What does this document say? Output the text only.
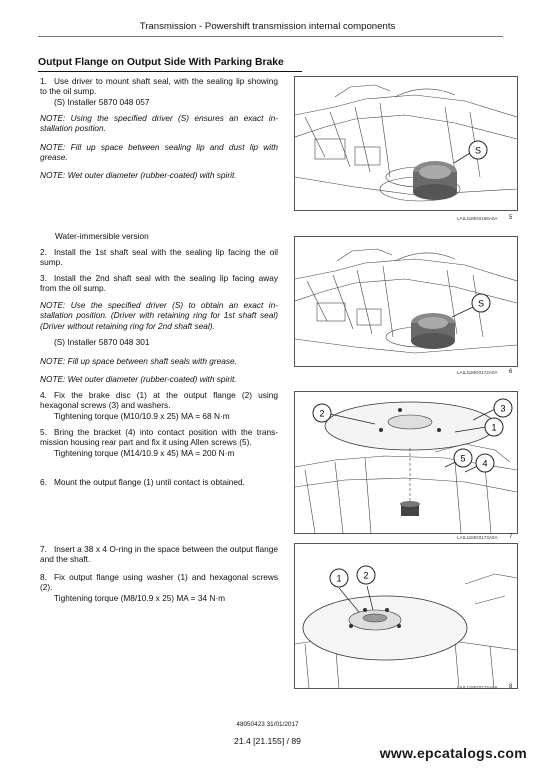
Transmission - Powershift transmission internal components
Output Flange on Output Side With Parking Brake
1. Use driver to mount shaft seal, with the sealing lip showing to the oil sump.
(S) Installer 5870 048 057
NOTE: Using the specified driver (S) ensures an exact in-stallation position.
NOTE: Fill up space between sealing lip and dust lip with grease.
NOTE: Wet outer diameter (rubber-coated) with spirit.
Water-immersible version
2. Install the 1st shaft seal with the sealing lip facing the oil sump.
3. Install the 2nd shaft seal with the sealing lip facing away from the oil sump.
NOTE: Use the specified driver (S) to obtain an exact in-stallation position. (Driver with retaining ring for 1st shaft seal) (Driver without retaining ring for 2nd shaft seal).
(S) Installer 5870 048 301
NOTE: Fill up space between shaft seals with grease.
NOTE: Wet outer diameter (rubber-coated) with spirit.
4. Fix the brake disc (1) at the output flange (2) using hexagonal screws (3) and washers.
Tightening torque (M10/10.9 x 25) MA = 68 N·m
5. Bring the bracket (4) into contact position with the trans-mission housing rear part and fix it using Allen screws (5).
Tightening torque (M14/10.9 x 45) MA = 200 N·m
6. Mount the output flange (1) until contact is obtained.
7. Insert a 38 x 4 O-ring in the space between the output flange and the shaft.
8. Fix output flange using washer (1) and hexagonal screws (2).
Tightening torque (M8/10.9 x 25) MA = 34 N·m
S
LAIL11MG0166A0A 5
S
LAIL11MG0172A0A 6
2	3
1
5 4
LAIL11MG0173A0A 7
1 2
LAIL11MG0174A0A 8
48050423 31/01/2017
21.4 [21.155] / 89
www.epcatalogs.com
